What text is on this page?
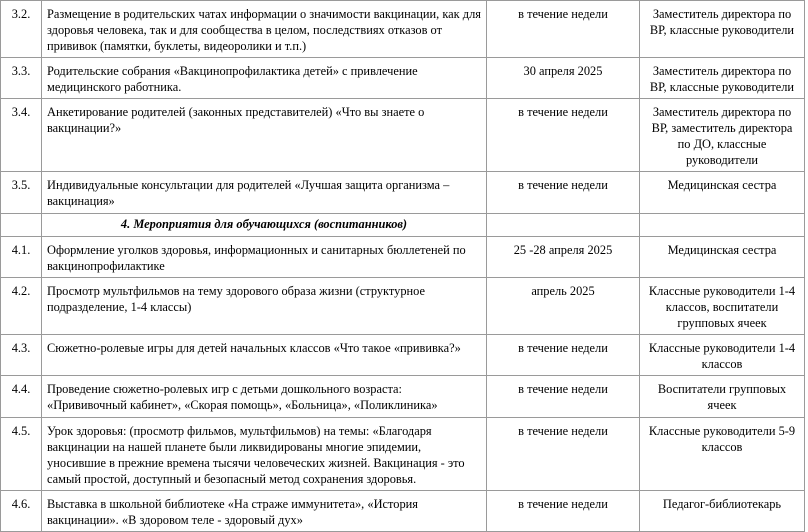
3.2.	Размещение в родительских чатах информации о значимости вакцинации, как для здоровья человека, так и для сообщества в целом, последствиях отказов от прививок (памятки, буклеты, видеоролики и т.п.)	в течение недели	Заместитель директора по ВР, классные руководители
3.3.	Родительские собрания «Вакцинопрофилактика детей» с привлечение медицинского работника.	30 апреля 2025	Заместитель директора по ВР, классные руководители
3.4.	Анкетирование родителей (законных представителей) «Что вы знаете о вакцинации?»	в течение недели	Заместитель директора по ВР, заместитель директора по ДО, классные руководители
3.5.	Индивидуальные консультации для родителей «Лучшая защита организма – вакцинация»	в течение недели	Медицинская сестра
	4. Мероприятия для обучающихся (воспитанников)		
4.1.	Оформление уголков здоровья, информационных и санитарных бюллетеней по вакцинопрофилактике	25 -28 апреля 2025	Медицинская сестра
4.2.	Просмотр мультфильмов на тему здорового образа жизни (структурное подразделение, 1-4 классы)	апрель 2025	Классные руководители 1-4 классов, воспитатели групповых ячеек
4.3.	Сюжетно-ролевые игры для детей начальных классов «Что такое «прививка?»	в течение недели	Классные руководители 1-4 классов
4.4.	Проведение сюжетно-ролевых игр с детьми дошкольного возраста: «Прививочный кабинет», «Скорая помощь», «Больница», «Поликлиника»	в течение недели	Воспитатели групповых ячеек
4.5.	Урок здоровья: (просмотр фильмов, мультфильмов) на темы: «Благодаря вакцинации на нашей планете были ликвидированы многие эпидемии, уносившие в прежние времена тысячи человеческих жизней. Вакцинация - это самый простой, доступный и безопасный метод сохранения здоровья.	в течение недели	Классные руководители 5-9 классов
4.6.	Выставка в школьной библиотеке «На страже иммунитета», «История вакцинации». «В здоровом теле - здоровый дух»	в течение недели	Педагог-библиотекарь
